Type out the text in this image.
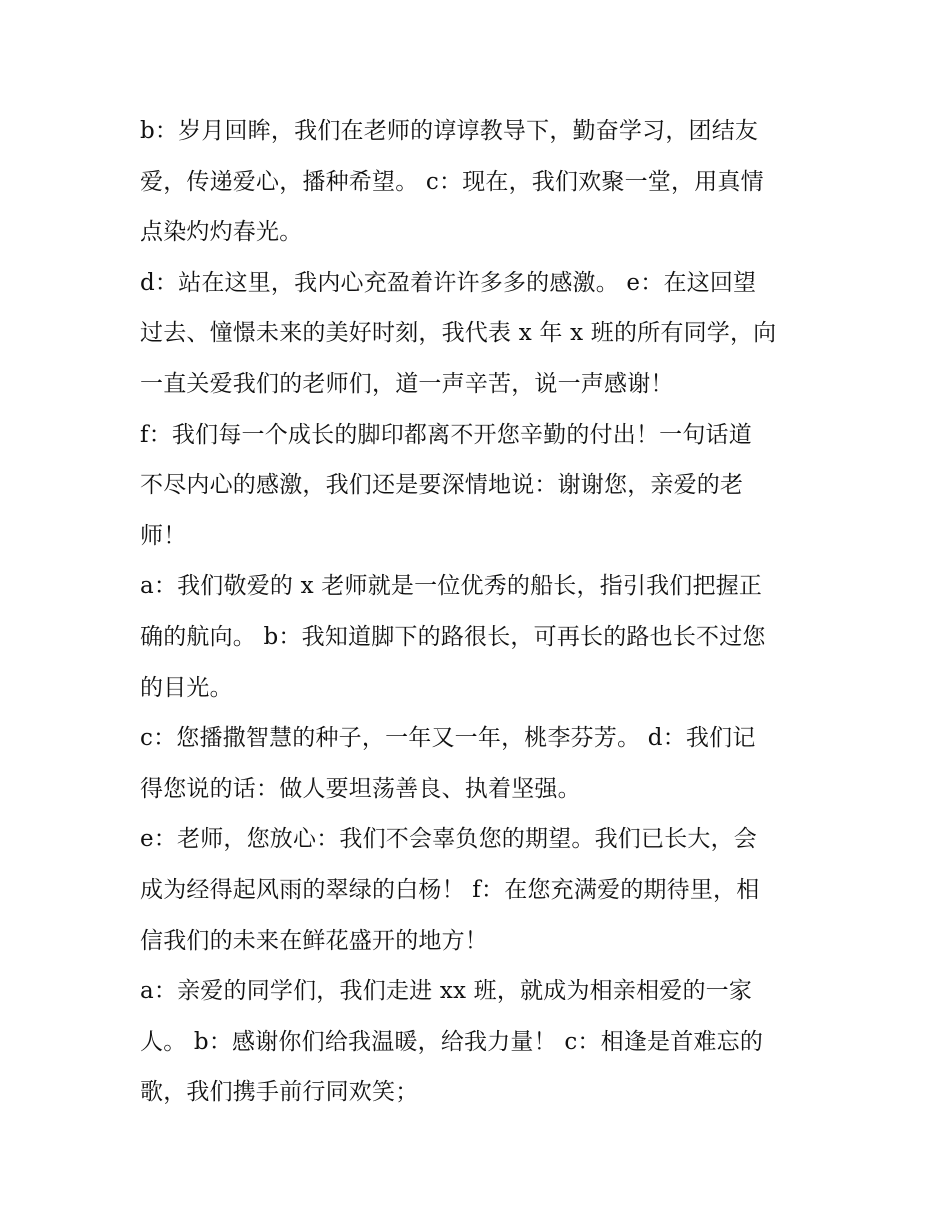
b：岁月回眸，我们在老师的谆谆教导下，勤奋学习，团结友
爱，传递爱心，播种希望。 c：现在，我们欢聚一堂，用真情
点染灼灼春光。
d：站在这里，我内心充盈着许许多多的感激。 e：在这回望
过去、憧憬未来的美好时刻，我代表 x 年 x 班的所有同学，向
一直关爱我们的老师们，道一声辛苦，说一声感谢！
f：我们每一个成长的脚印都离不开您辛勤的付出！一句话道
不尽内心的感激，我们还是要深情地说：谢谢您，亲爱的老
师！
a：我们敬爱的 x 老师就是一位优秀的船长，指引我们把握正
确的航向。 b：我知道脚下的路很长，可再长的路也长不过您
的目光。
c：您播撒智慧的种子，一年又一年，桃李芬芳。 d：我们记
得您说的话：做人要坦荡善良、执着坚强。
e：老师，您放心：我们不会辜负您的期望。我们已长大，会
成为经得起风雨的翠绿的白杨！ f：在您充满爱的期待里，相
信我们的未来在鲜花盛开的地方！
a：亲爱的同学们，我们走进 xx 班，就成为相亲相爱的一家
人。 b：感谢你们给我温暖，给我力量！ c：相逢是首难忘的
歌，我们携手前行同欢笑；
